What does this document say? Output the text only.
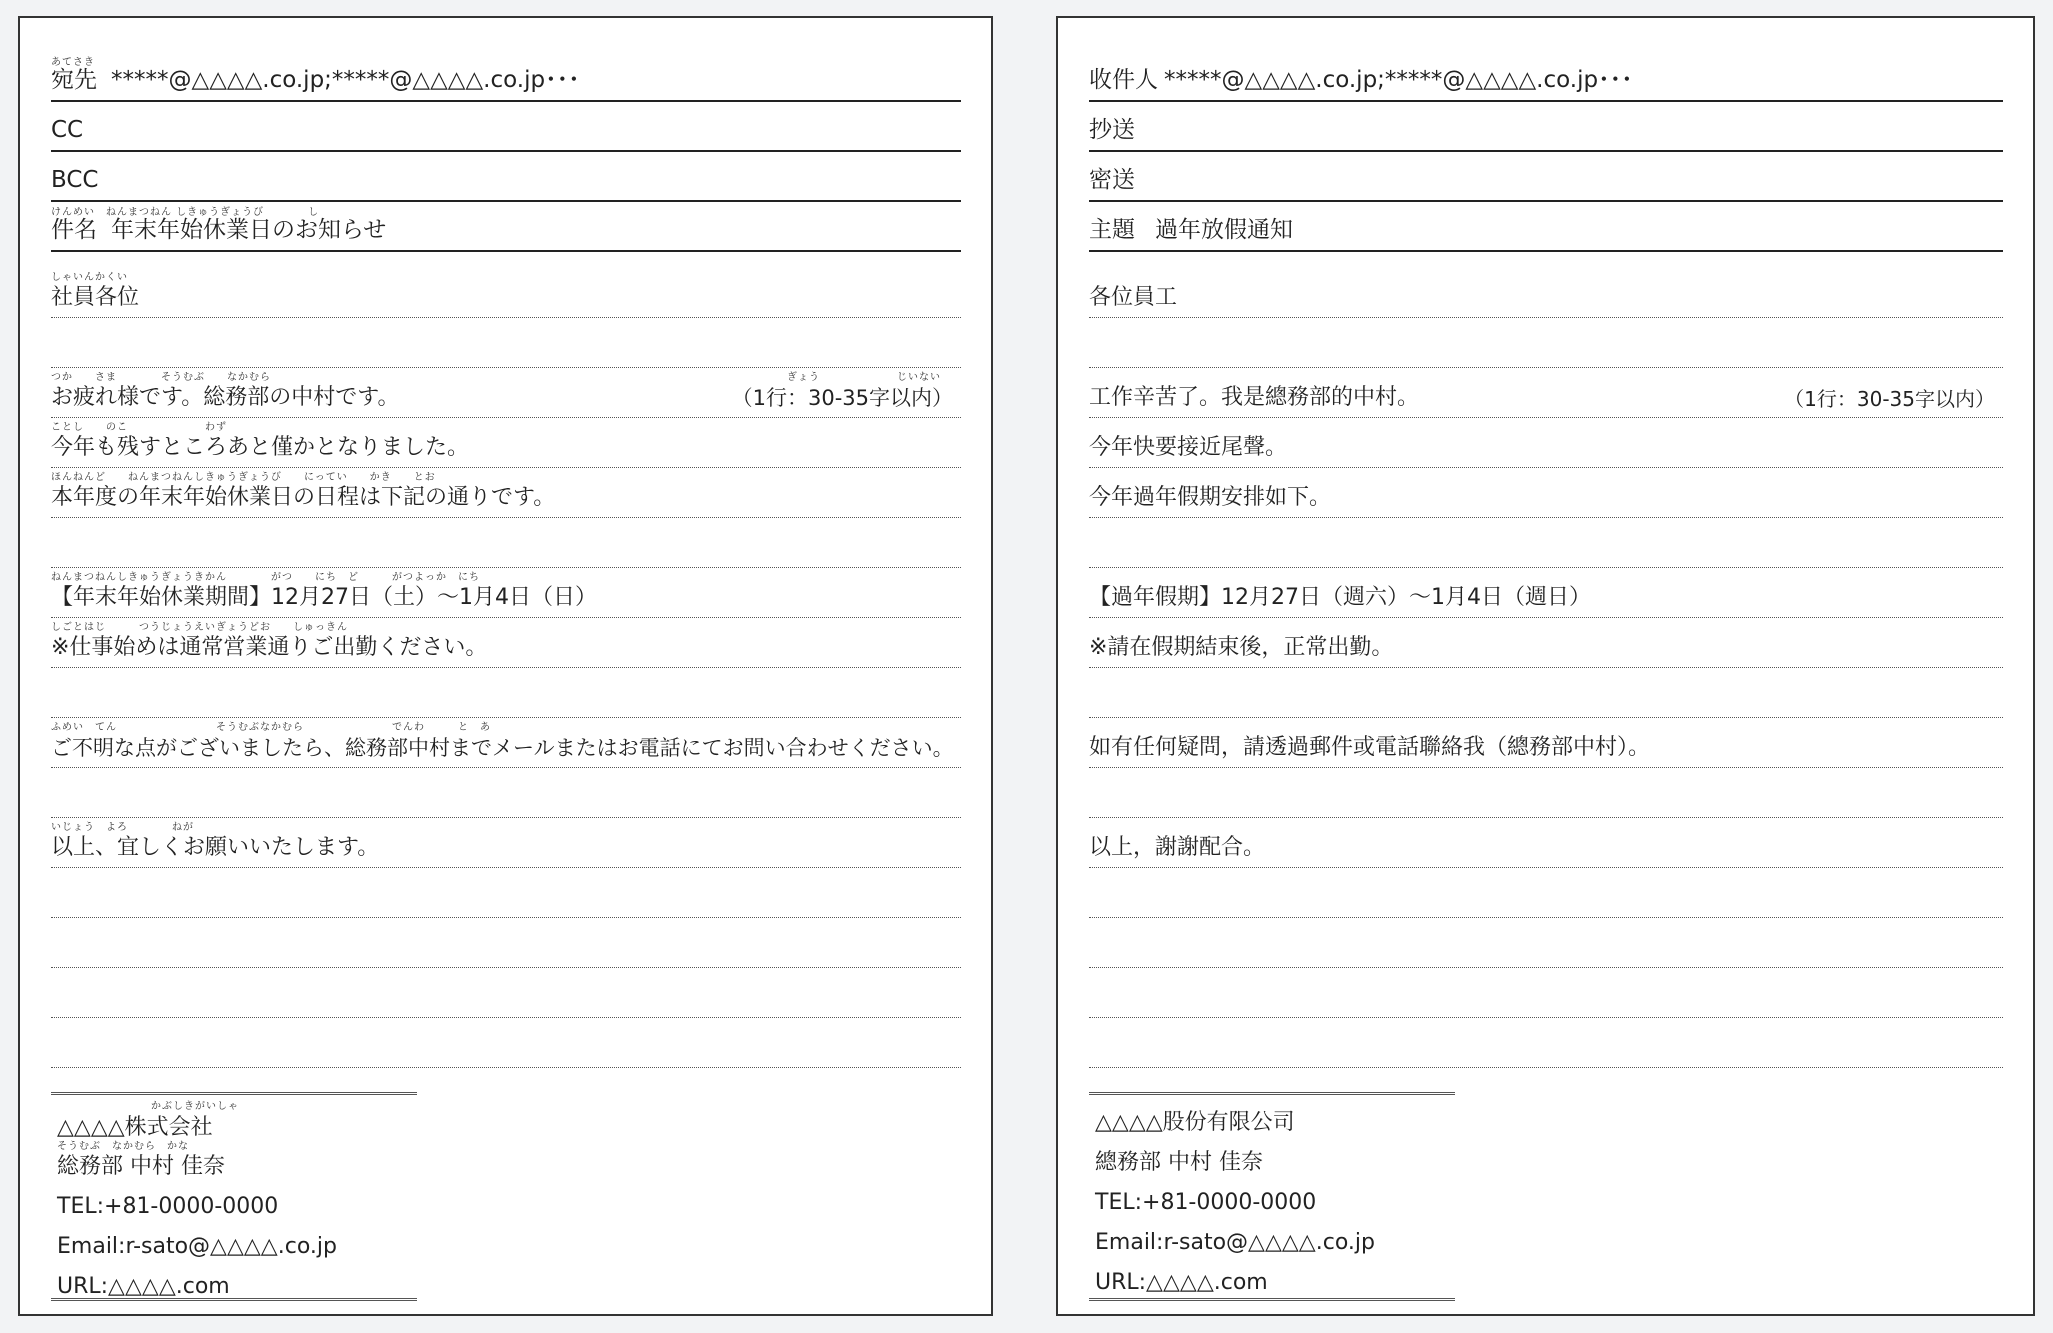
あてさき
宛先 *****@△△△△.co.jp;*****@△△△△.co.jp･･･
CC
BCC
けんめい　ねんまつねん しきゅうぎょうび　　　　し
件名 年末年始休業日のお知らせ
しゃいんかくい
社員各位
つか　　さま　　　　そうむぶ　　なかむら
お疲れ様です。総務部の中村です。
ぎょう　　　　　　　じいない
（1行：30-35字以内）
ことし　　のこ　　　　　　　わず
今年も残すところあと僅かとなりました。
ほんねんど　　ねんまつねんしきゅうぎょうび　　にってい　　かき　　とお
本年度の年末年始休業日の日程は下記の通りです。
ねんまつねんしきゅうぎょうきかん　　　　がつ　　にち　ど　　　がつよっか　にち
【年末年始休業期間】12月27日（土）～1月4日（日）
しごとはじ　　　つうじょうえいぎょうどお　　しゅっきん
※仕事始めは通常営業通りご出勤ください。
ふめい　てん　　　　　　　　　そうむぶなかむら　　　　　　　　でんわ　　　と　あ
ご不明な点がございましたら、総務部中村までメールまたはお電話にてお問い合わせください。
いじょう　よろ　　　　ねが
以上、宜しくお願いいたします。
かぶしきがいしゃ
△△△△株式会社
そうむぶ　なかむら　かな
総務部 中村 佳奈
TEL:+81-0000-0000
Email:r-sato@△△△△.co.jp
URL:△△△△.com
收件人 *****@△△△△.co.jp;*****@△△△△.co.jp･･･
抄送
密送
主題 過年放假通知
各位員工
工作辛苦了。我是總務部的中村。	（1行：30-35字以内）
今年快要接近尾聲。
今年過年假期安排如下。
【過年假期】12月27日（週六）～1月4日（週日）
※請在假期結束後，正常出勤。
如有任何疑問，請透過郵件或電話聯絡我（總務部中村）。
以上，謝謝配合。
△△△△股份有限公司
總務部 中村 佳奈
TEL:+81-0000-0000
Email:r-sato@△△△△.co.jp
URL:△△△△.com
